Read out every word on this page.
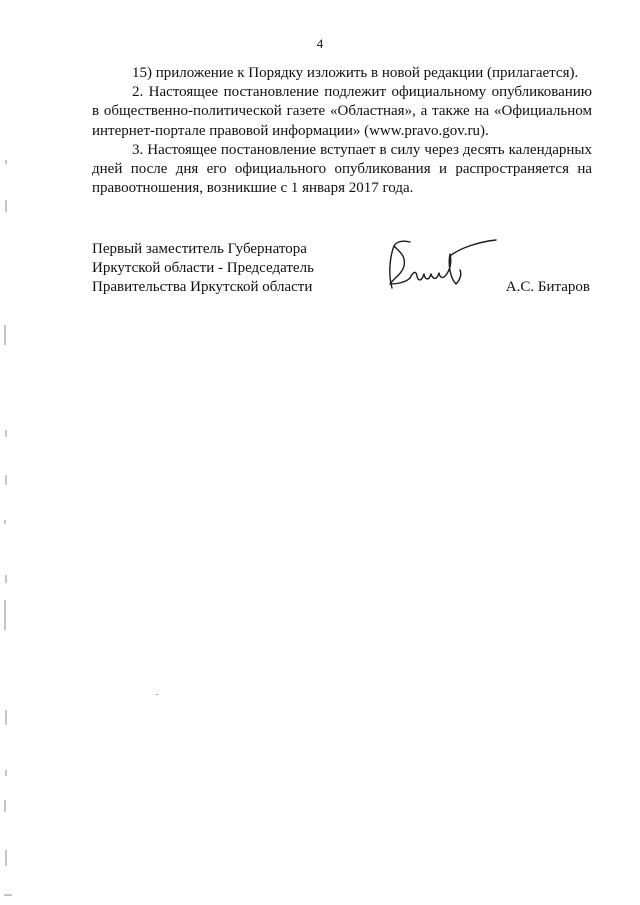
4

15) приложение к Порядку изложить в новой редакции (прилагается).

2. Настоящее постановление подлежит официальному опубликованию в общественно-политической газете «Областная», а также на «Официальном интернет-портале правовой информации» (www.pravo.gov.ru).

3. Настоящее постановление вступает в силу через десять календарных дней после дня его официального опубликования и распространяется на правоотношения, возникшие с 1 января 2017 года.

Первый заместитель Губернатора
Иркутской области - Председатель
Правительства Иркутской области	А.С. Битаров
